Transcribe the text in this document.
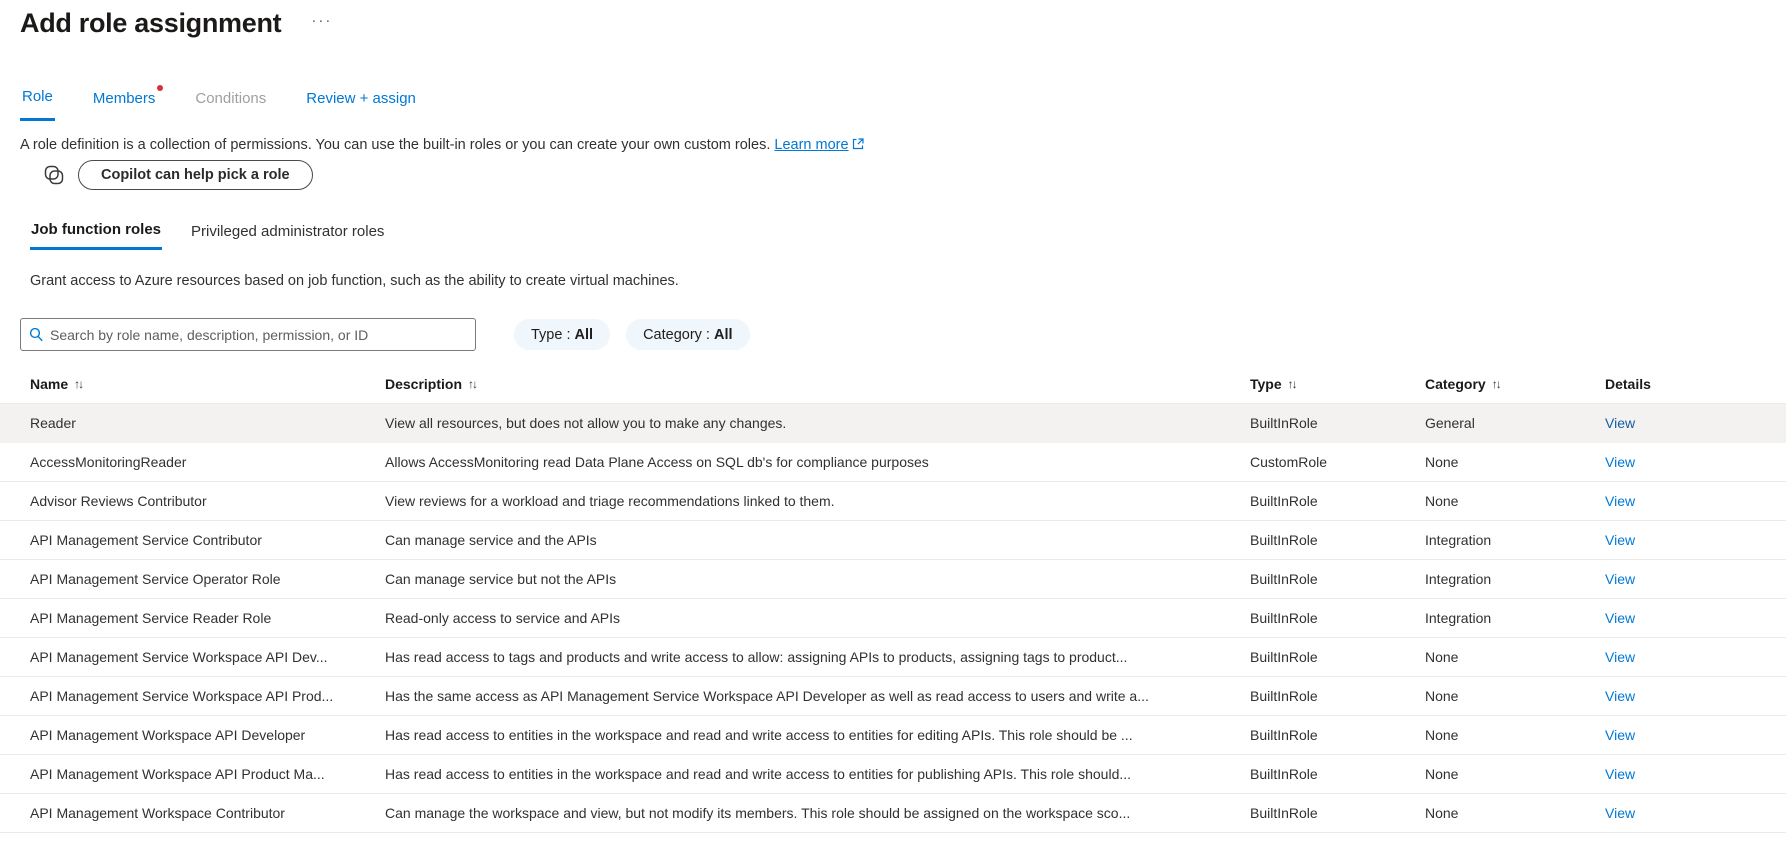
Add role assignment ···
Role	Members	Conditions	Review + assign

A role definition is a collection of permissions. You can use the built-in roles or you can create your own custom roles. Learn more

Copilot can help pick a role
Job function roles Privileged administrator roles

Grant access to Azure resources based on job function, such as the ability to create virtual machines.

Search by role name, description, permission, or ID
Type : All	Category : All
Name ↑↓	Description ↑↓	Type ↑↓	Category ↑↓	Details
Reader	View all resources, but does not allow you to make any changes.	BuiltInRole	General	View
AccessMonitoringReader	Allows AccessMonitoring read Data Plane Access on SQL db's for compliance purposes	CustomRole	None	View
Advisor Reviews Contributor	View reviews for a workload and triage recommendations linked to them.	BuiltInRole	None	View
API Management Service Contributor	Can manage service and the APIs	BuiltInRole	Integration	View
API Management Service Operator Role	Can manage service but not the APIs	BuiltInRole	Integration	View
API Management Service Reader Role	Read-only access to service and APIs	BuiltInRole	Integration	View
API Management Service Workspace API Dev...	Has read access to tags and products and write access to allow: assigning APIs to products, assigning tags to product...	BuiltInRole	None	View
API Management Service Workspace API Prod...	Has the same access as API Management Service Workspace API Developer as well as read access to users and write a...	BuiltInRole	None	View
API Management Workspace API Developer	Has read access to entities in the workspace and read and write access to entities for editing APIs. This role should be ...	BuiltInRole	None	View
API Management Workspace API Product Ma...	Has read access to entities in the workspace and read and write access to entities for publishing APIs. This role should...	BuiltInRole	None	View
API Management Workspace Contributor	Can manage the workspace and view, but not modify its members. This role should be assigned on the workspace sco...	BuiltInRole	None	View
